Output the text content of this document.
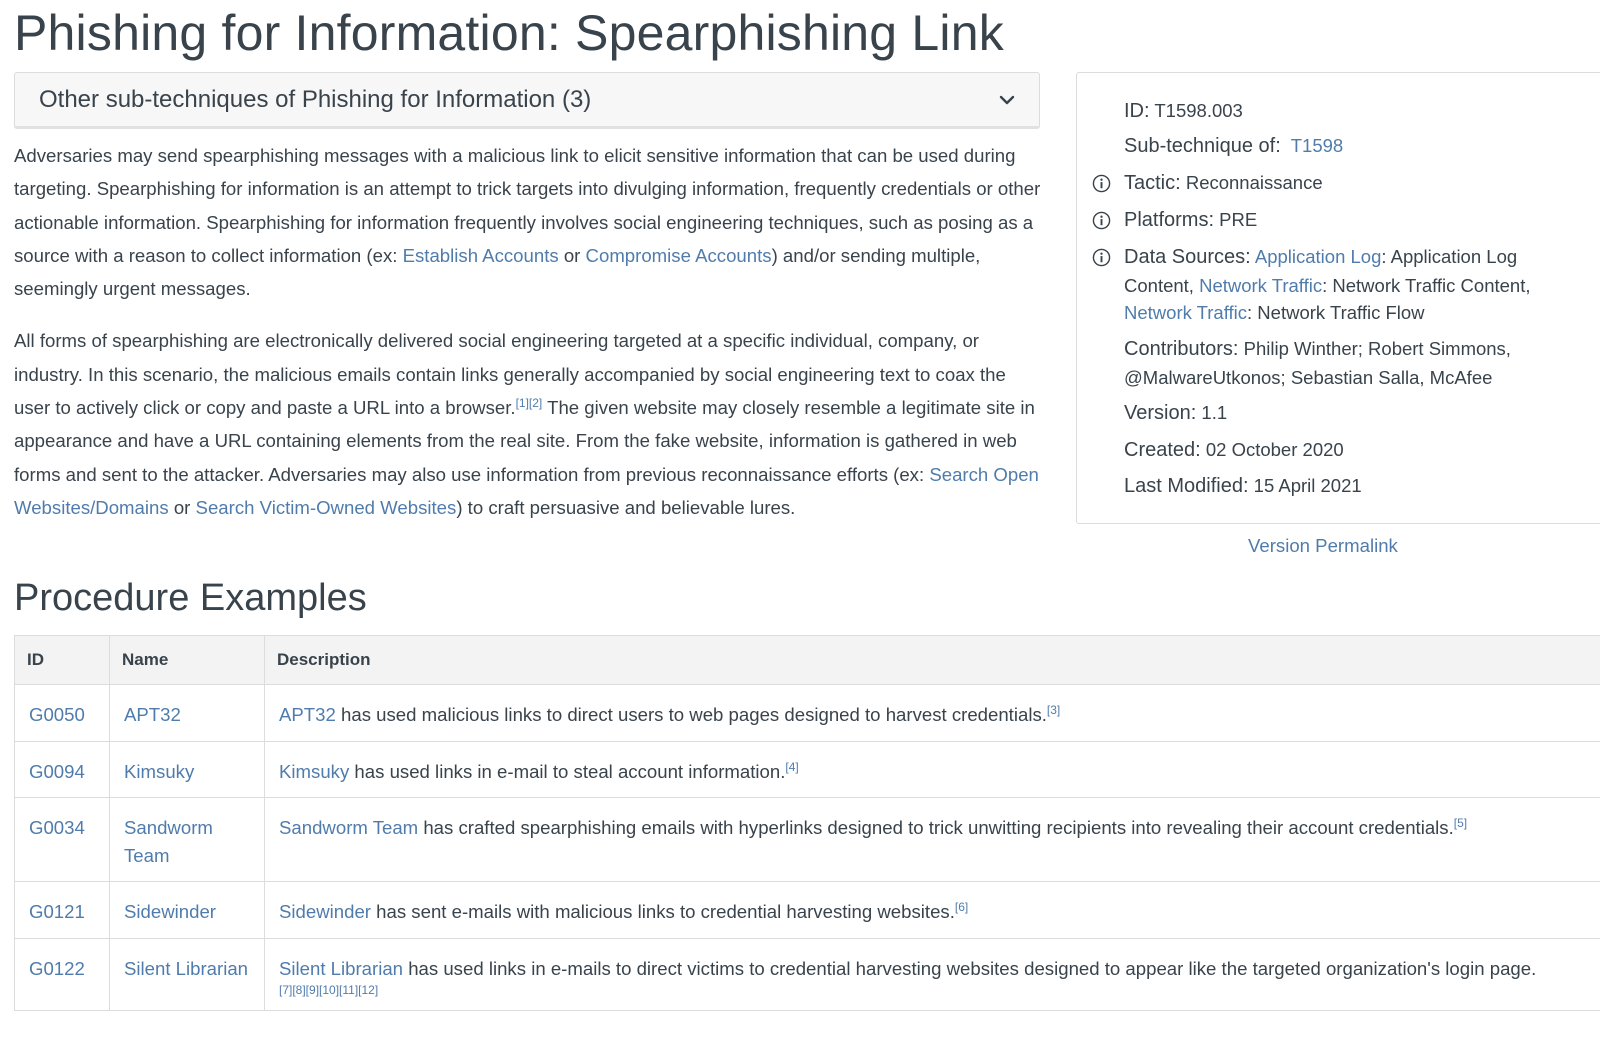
Phishing for Information: Spearphishing Link
Other sub-techniques of Phishing for Information (3)

Adversaries may send spearphishing messages with a malicious link to elicit sensitive information that can be used during targeting. Spearphishing for information is an attempt to trick targets into divulging information, frequently credentials or other actionable information. Spearphishing for information frequently involves social engineering techniques, such as posing as a source with a reason to collect information (ex: Establish Accounts or Compromise Accounts) and/or sending multiple, seemingly urgent messages.

All forms of spearphishing are electronically delivered social engineering targeted at a specific individual, company, or industry. In this scenario, the malicious emails contain links generally accompanied by social engineering text to coax the user to actively click or copy and paste a URL into a browser.[1][2] The given website may closely resemble a legitimate site in appearance and have a URL containing elements from the real site. From the fake website, information is gathered in web forms and sent to the attacker. Adversaries may also use information from previous reconnaissance efforts (ex: Search Open Websites/Domains or Search Victim-Owned Websites) to craft persuasive and believable lures.

ID: T1598.003
Sub-technique of: T1598
Tactic: Reconnaissance
Platforms: PRE
Data Sources: Application Log: Application Log Content, Network Traffic: Network Traffic Content, Network Traffic: Network Traffic Flow
Contributors: Philip Winther; Robert Simmons, @MalwareUtkonos; Sebastian Salla, McAfee
Version: 1.1
Created: 02 October 2020
Last Modified: 15 April 2021
Version Permalink
Procedure Examples
ID	Name	Description
G0050	APT32	APT32 has used malicious links to direct users to web pages designed to harvest credentials.[3]
G0094	Kimsuky	Kimsuky has used links in e-mail to steal account information.[4]
G0034	Sandworm Team	Sandworm Team has crafted spearphishing emails with hyperlinks designed to trick unwitting recipients into revealing their account credentials.[5]
G0121	Sidewinder	Sidewinder has sent e-mails with malicious links to credential harvesting websites.[6]
G0122	Silent Librarian	Silent Librarian has used links in e-mails to direct victims to credential harvesting websites designed to appear like the targeted organization's login page.
[7][8][9][10][11][12]
